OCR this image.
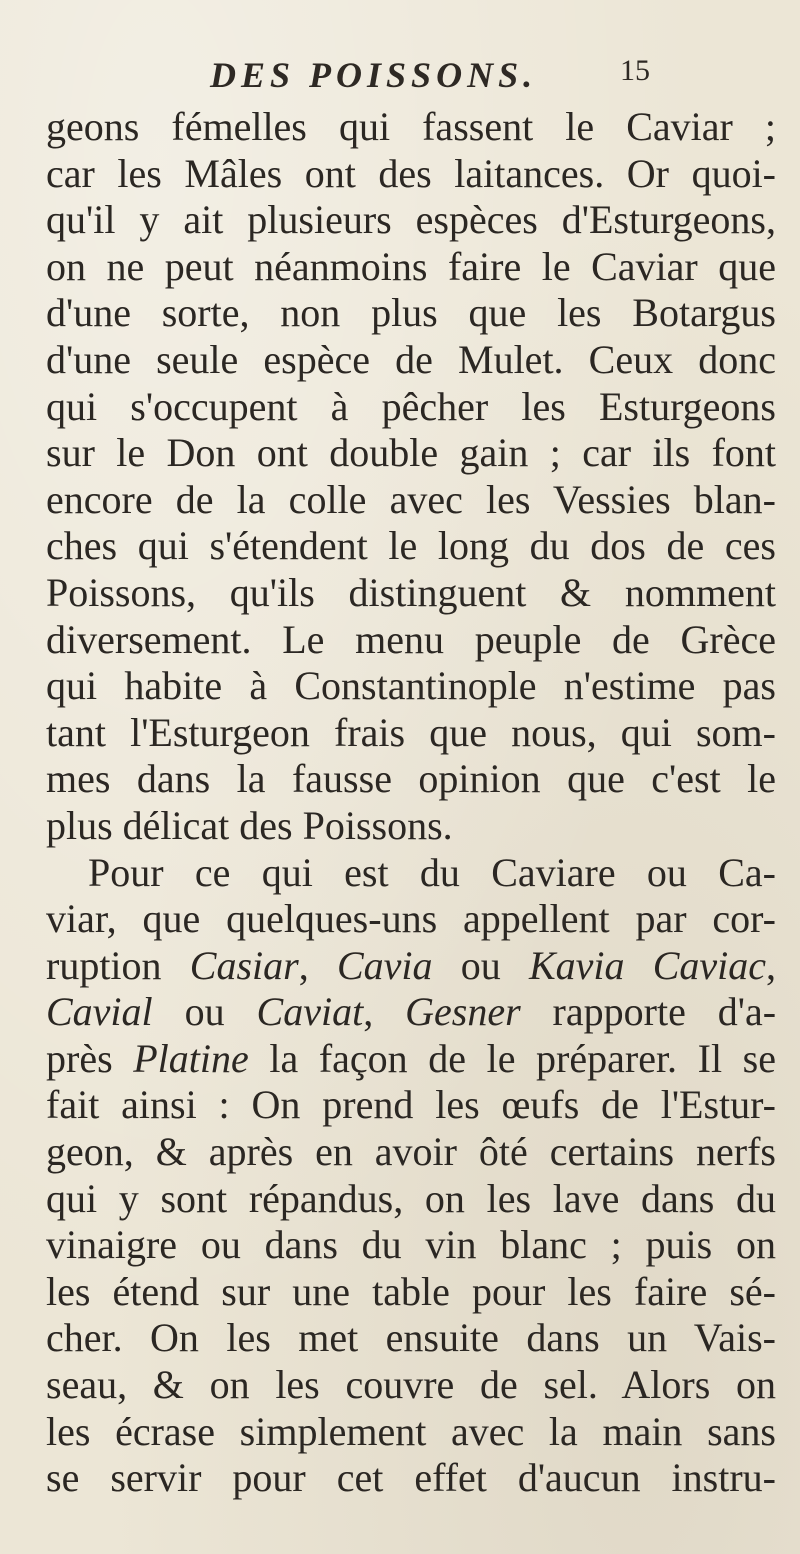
DES POISSONS.	15
geons fémelles qui fassent le Caviar ;
car les Mâles ont des laitances. Or quoi-
qu'il y ait plusieurs espèces d'Esturgeons,
on ne peut néanmoins faire le Caviar que
d'une sorte, non plus que les Botargus
d'une seule espèce de Mulet. Ceux donc
qui s'occupent à pêcher les Esturgeons
sur le Don ont double gain ; car ils font
encore de la colle avec les Vessies blan-
ches qui s'étendent le long du dos de ces
Poissons, qu'ils distinguent & nomment
diversement. Le menu peuple de Grèce
qui habite à Constantinople n'estime pas
tant l'Esturgeon frais que nous, qui som-
mes dans la fausse opinion que c'est le
plus délicat des Poissons.
Pour ce qui est du Caviare ou Ca-
viar, que quelques-uns appellent par cor-
ruption Casiar, Cavia ou Kavia Caviac,
Cavial ou Caviat, Gesner rapporte d'a-
près Platine la façon de le préparer. Il se
fait ainsi : On prend les œufs de l'Estur-
geon, & après en avoir ôté certains nerfs
qui y sont répandus, on les lave dans du
vinaigre ou dans du vin blanc ; puis on
les étend sur une table pour les faire sé-
cher. On les met ensuite dans un Vais-
seau, & on les couvre de sel. Alors on
les écrase simplement avec la main sans
se servir pour cet effet d'aucun instru-
